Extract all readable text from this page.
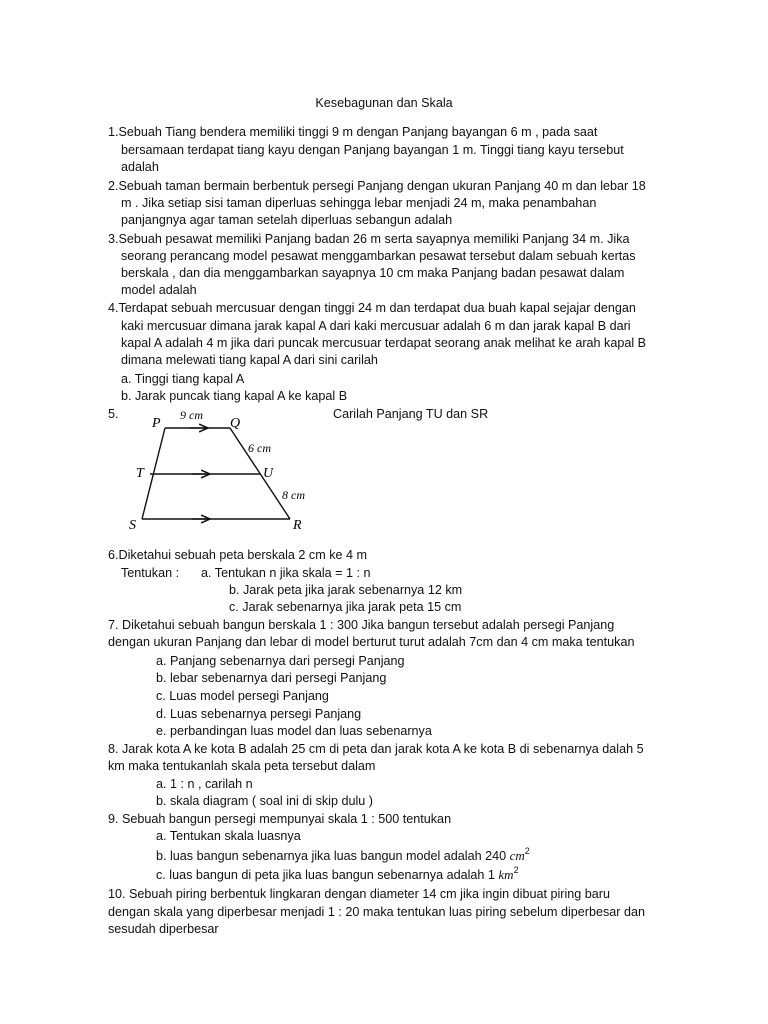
Kesebagunan dan Skala
1.Sebuah Tiang bendera memiliki tinggi 9 m dengan Panjang bayangan 6 m , pada saat
bersamaan terdapat tiang kayu dengan Panjang bayangan 1 m. Tinggi tiang kayu tersebut
adalah
2.Sebuah taman bermain berbentuk persegi Panjang dengan ukuran Panjang 40 m dan lebar 18
m . Jika setiap sisi taman diperluas sehingga lebar menjadi 24 m, maka penambahan
panjangnya agar taman setelah diperluas sebangun adalah
3.Sebuah pesawat memiliki Panjang badan 26 m serta sayapnya memiliki Panjang 34 m. Jika
seorang perancang model pesawat menggambarkan pesawat tersebut dalam sebuah kertas
berskala , dan dia menggambarkan sayapnya 10 cm maka Panjang badan pesawat dalam
model adalah
4.Terdapat sebuah mercusuar dengan tinggi 24 m dan terdapat dua buah kapal sejajar dengan
kaki mercusuar dimana jarak kapal A dari kaki mercusuar adalah 6 m dan jarak kapal B dari
kapal A adalah 4 m jika dari puncak mercusuar terdapat seorang anak melihat ke arah kapal B
dimana melewati tiang kapal A dari sini carilah
a. Tinggi tiang kapal A
b. Jarak puncak tiang kapal A ke kapal B
5.	Carilah Panjang TU dan SR
P	Q
9 cm
6 cm
T	U
8 cm
S	R
6.Diketahui sebuah peta berskala 2 cm ke 4 m
Tentukan : a. Tentukan n jika skala = 1 : n
b. Jarak peta jika jarak sebenarnya 12 km
c. Jarak sebenarnya jika jarak peta 15 cm
7. Diketahui sebuah bangun berskala 1 : 300 Jika bangun tersebut adalah persegi Panjang
dengan ukuran Panjang dan lebar di model berturut turut adalah 7cm dan 4 cm maka tentukan
a. Panjang sebenarnya dari persegi Panjang
b. lebar sebenarnya dari persegi Panjang
c. Luas model persegi Panjang
d. Luas sebenarnya persegi Panjang
e. perbandingan luas model dan luas sebenarnya
8. Jarak kota A ke kota B adalah 25 cm di peta dan jarak kota A ke kota B di sebenarnya dalah 5
km maka tentukanlah skala peta tersebut dalam
a. 1 : n , carilah n
b. skala diagram ( soal ini di skip dulu )
9. Sebuah bangun persegi mempunyai skala 1 : 500 tentukan
a. Tentukan skala luasnya
b. luas bangun sebenarnya jika luas bangun model adalah 240 $cm^2$
c. luas bangun di peta jika luas bangun sebenarnya adalah 1 $km^2$
10. Sebuah piring berbentuk lingkaran dengan diameter 14 cm jika ingin dibuat piring baru
dengan skala yang diperbesar menjadi 1 : 20 maka tentukan luas piring sebelum diperbesar dan
sesudah diperbesar
